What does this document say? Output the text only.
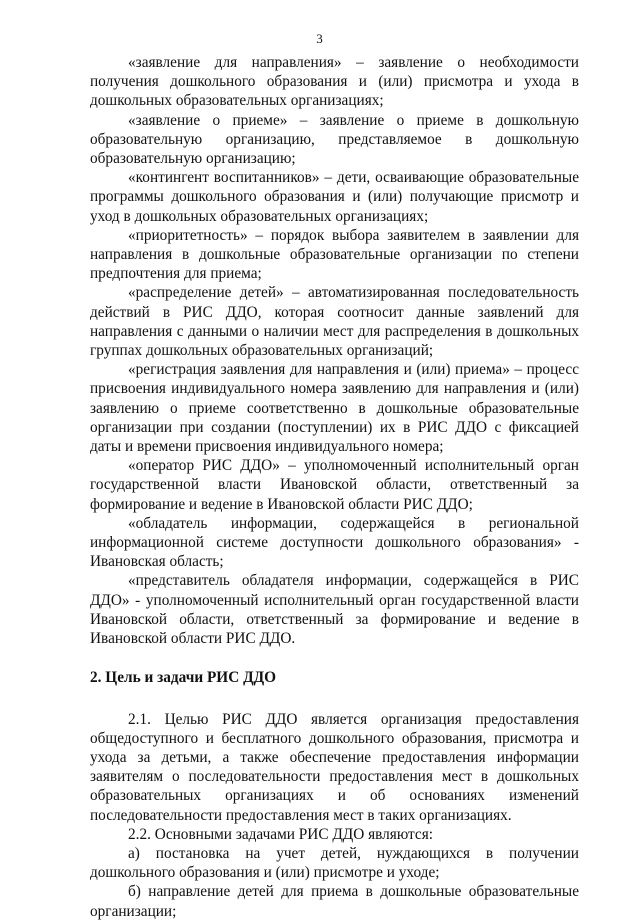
3

«заявление для направления» – заявление о необходимости получения дошкольного образования и (или) присмотра и ухода в дошкольных образовательных организациях;

«заявление о приеме» – заявление о приеме в дошкольную образовательную организацию, представляемое в дошкольную образовательную организацию;

«контингент воспитанников» – дети, осваивающие образовательные программы дошкольного образования и (или) получающие присмотр и уход в дошкольных образовательных организациях;

«приоритетность» – порядок выбора заявителем в заявлении для направления в дошкольные образовательные организации по степени предпочтения для приема;

«распределение детей» – автоматизированная последовательность действий в РИС ДДО, которая соотносит данные заявлений для направления с данными о наличии мест для распределения в дошкольных группах дошкольных образовательных организаций;

«регистрация заявления для направления и (или) приема» – процесс присвоения индивидуального номера заявлению для направления и (или) заявлению о приеме соответственно в дошкольные образовательные организации при создании (поступлении) их в РИС ДДО с фиксацией даты и времени присвоения индивидуального номера;

«оператор РИС ДДО» – уполномоченный исполнительный орган государственной власти Ивановской области, ответственный за формирование и ведение в Ивановской области РИС ДДО;

«обладатель информации, содержащейся в региональной информационной системе доступности дошкольного образования» - Ивановская область;

«представитель обладателя информации, содержащейся в РИС ДДО» - уполномоченный исполнительный орган государственной власти Ивановской области, ответственный за формирование и ведение в Ивановской области РИС ДДО.

2. Цель и задачи РИС ДДО

2.1. Целью РИС ДДО является организация предоставления общедоступного и бесплатного дошкольного образования, присмотра и ухода за детьми, а также обеспечение предоставления информации заявителям о последовательности предоставления мест в дошкольных образовательных организациях и об основаниях изменений последовательности предоставления мест в таких организациях.

2.2. Основными задачами РИС ДДО являются:

а) постановка на учет детей, нуждающихся в получении дошкольного образования и (или) присмотре и уходе;

б) направление детей для приема в дошкольные образовательные организации;
